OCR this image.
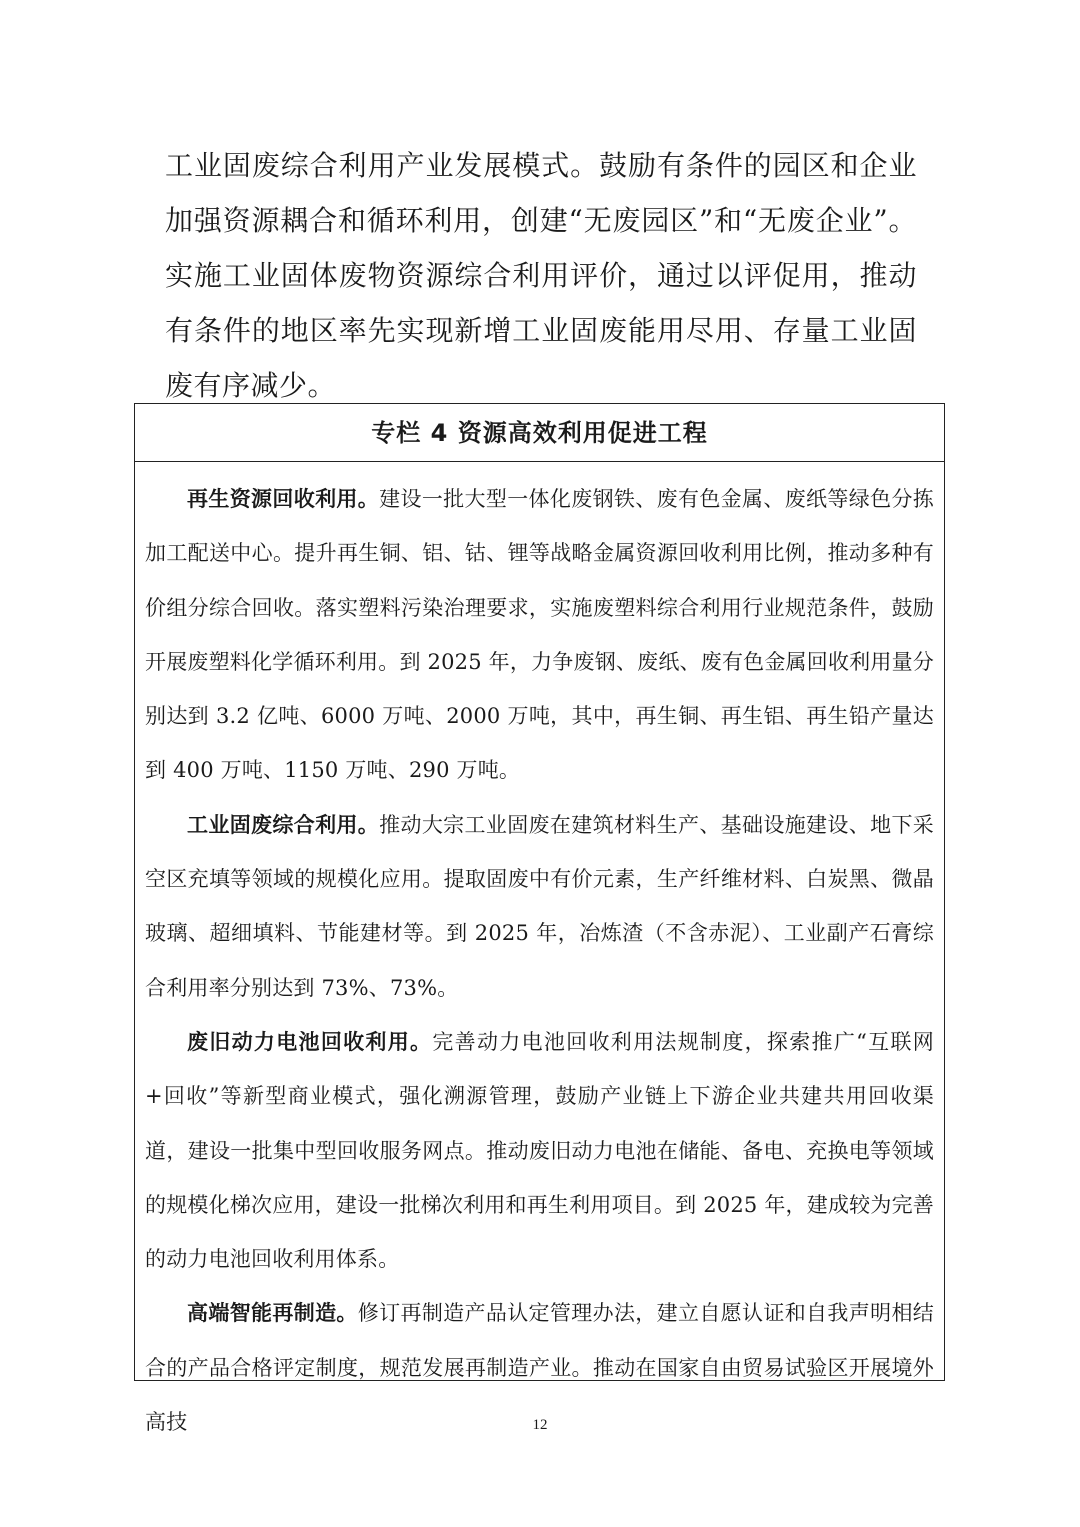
工业固废综合利用产业发展模式。鼓励有条件的园区和企业加强资源耦合和循环利用，创建“无废园区”和“无废企业”。实施工业固体废物资源综合利用评价，通过以评促用，推动有条件的地区率先实现新增工业固废能用尽用、存量工业固废有序减少。

专栏 4 资源高效利用促进工程

再生资源回收利用。建设一批大型一体化废钢铁、废有色金属、废纸等绿色分拣加工配送中心。提升再生铜、铝、钴、锂等战略金属资源回收利用比例，推动多种有价组分综合回收。落实塑料污染治理要求，实施废塑料综合利用行业规范条件，鼓励开展废塑料化学循环利用。到 2025 年，力争废钢、废纸、废有色金属回收利用量分别达到 3.2 亿吨、6000 万吨、2000 万吨，其中，再生铜、再生铝、再生铅产量达到 400 万吨、1150 万吨、290 万吨。

工业固废综合利用。推动大宗工业固废在建筑材料生产、基础设施建设、地下采空区充填等领域的规模化应用。提取固废中有价元素，生产纤维材料、白炭黑、微晶玻璃、超细填料、节能建材等。到 2025 年，冶炼渣（不含赤泥）、工业副产石膏综合利用率分别达到 73%、73%。

废旧动力电池回收利用。完善动力电池回收利用法规制度，探索推广“互联网+回收”等新型商业模式，强化溯源管理，鼓励产业链上下游企业共建共用回收渠道，建设一批集中型回收服务网点。推动废旧动力电池在储能、备电、充换电等领域的规模化梯次应用，建设一批梯次利用和再生利用项目。到 2025 年，建成较为完善的动力电池回收利用体系。

高端智能再制造。修订再制造产品认定管理办法，建立自愿认证和自我声明相结合的产品合格评定制度，规范发展再制造产业。推动在国家自由贸易试验区开展境外高技	12
